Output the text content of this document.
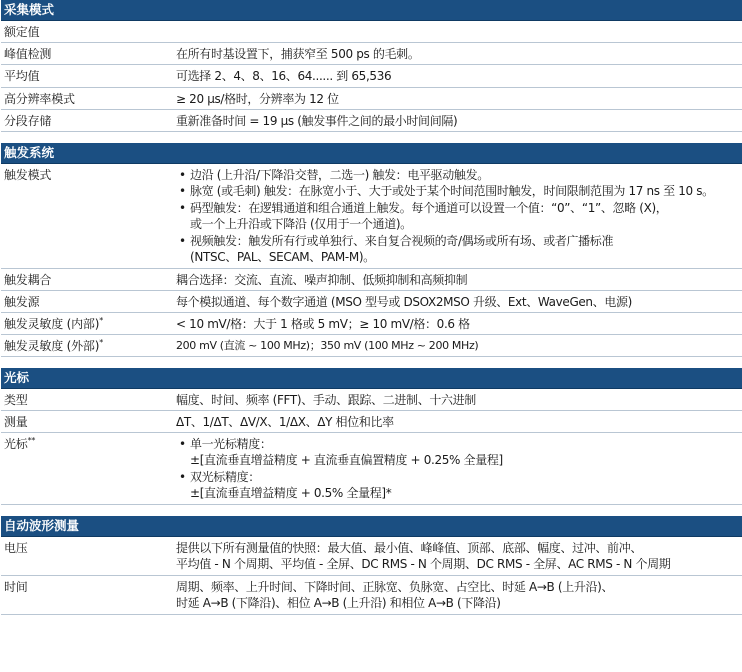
采集模式
额定值
峰值检测	在所有时基设置下，捕获窄至 500 ps 的毛刺。
平均值	可选择 2、4、8、16、64...... 到 65,536
高分辨率模式	≥ 20 μs/格时，分辨率为 12 位
分段存储	重新准备时间 = 19 μs (触发事件之间的最小时间间隔)
触发系统
触发模式	• 边沿 (上升沿/下降沿交替，二选一) 触发：电平驱动触发。
• 脉宽 (或毛刺) 触发：在脉宽小于、大于或处于某个时间范围时触发，时间限制范围为 17 ns 至 10 s。
• 码型触发：在逻辑通道和组合通道上触发。每个通道可以设置一个值：“0”、“1”、忽略 (X)，
或一个上升沿或下降沿 (仅用于一个通道)。
• 视频触发：触发所有行或单独行、来自复合视频的奇/偶场或所有场、或者广播标准
(NTSC、PAL、SECAM、PAM-M)。
触发耦合	耦合选择：交流、直流、噪声抑制、低频抑制和高频抑制
触发源	每个模拟通道、每个数字通道 (MSO 型号或 DSOX2MSO 升级、Ext、WaveGen、电源)
触发灵敏度 (内部)*	< 10 mV/格：大于 1 格或 5 mV；≥ 10 mV/格：0.6 格
触发灵敏度 (外部)*	200 mV (直流 ~ 100 MHz)；350 mV (100 MHz ~ 200 MHz)
光标
类型	幅度、时间、频率 (FFT)、手动、跟踪、二进制、十六进制
测量	ΔT、1/ΔT、ΔV/X、1/ΔX、ΔY 相位和比率
光标**	• 单一光标精度：
±[直流垂直增益精度 + 直流垂直偏置精度 + 0.25% 全量程]
• 双光标精度：
±[直流垂直增益精度 + 0.5% 全量程]*
自动波形测量
电压	提供以下所有测量值的快照：最大值、最小值、峰峰值、顶部、底部、幅度、过冲、前冲、
平均值 - N 个周期、平均值 - 全屏、DC RMS - N 个周期、DC RMS - 全屏、AC RMS - N 个周期
时间	周期、频率、上升时间、下降时间、正脉宽、负脉宽、占空比、时延 A→B (上升沿)、
时延 A→B (下降沿)、相位 A→B (上升沿) 和相位 A→B (下降沿)
